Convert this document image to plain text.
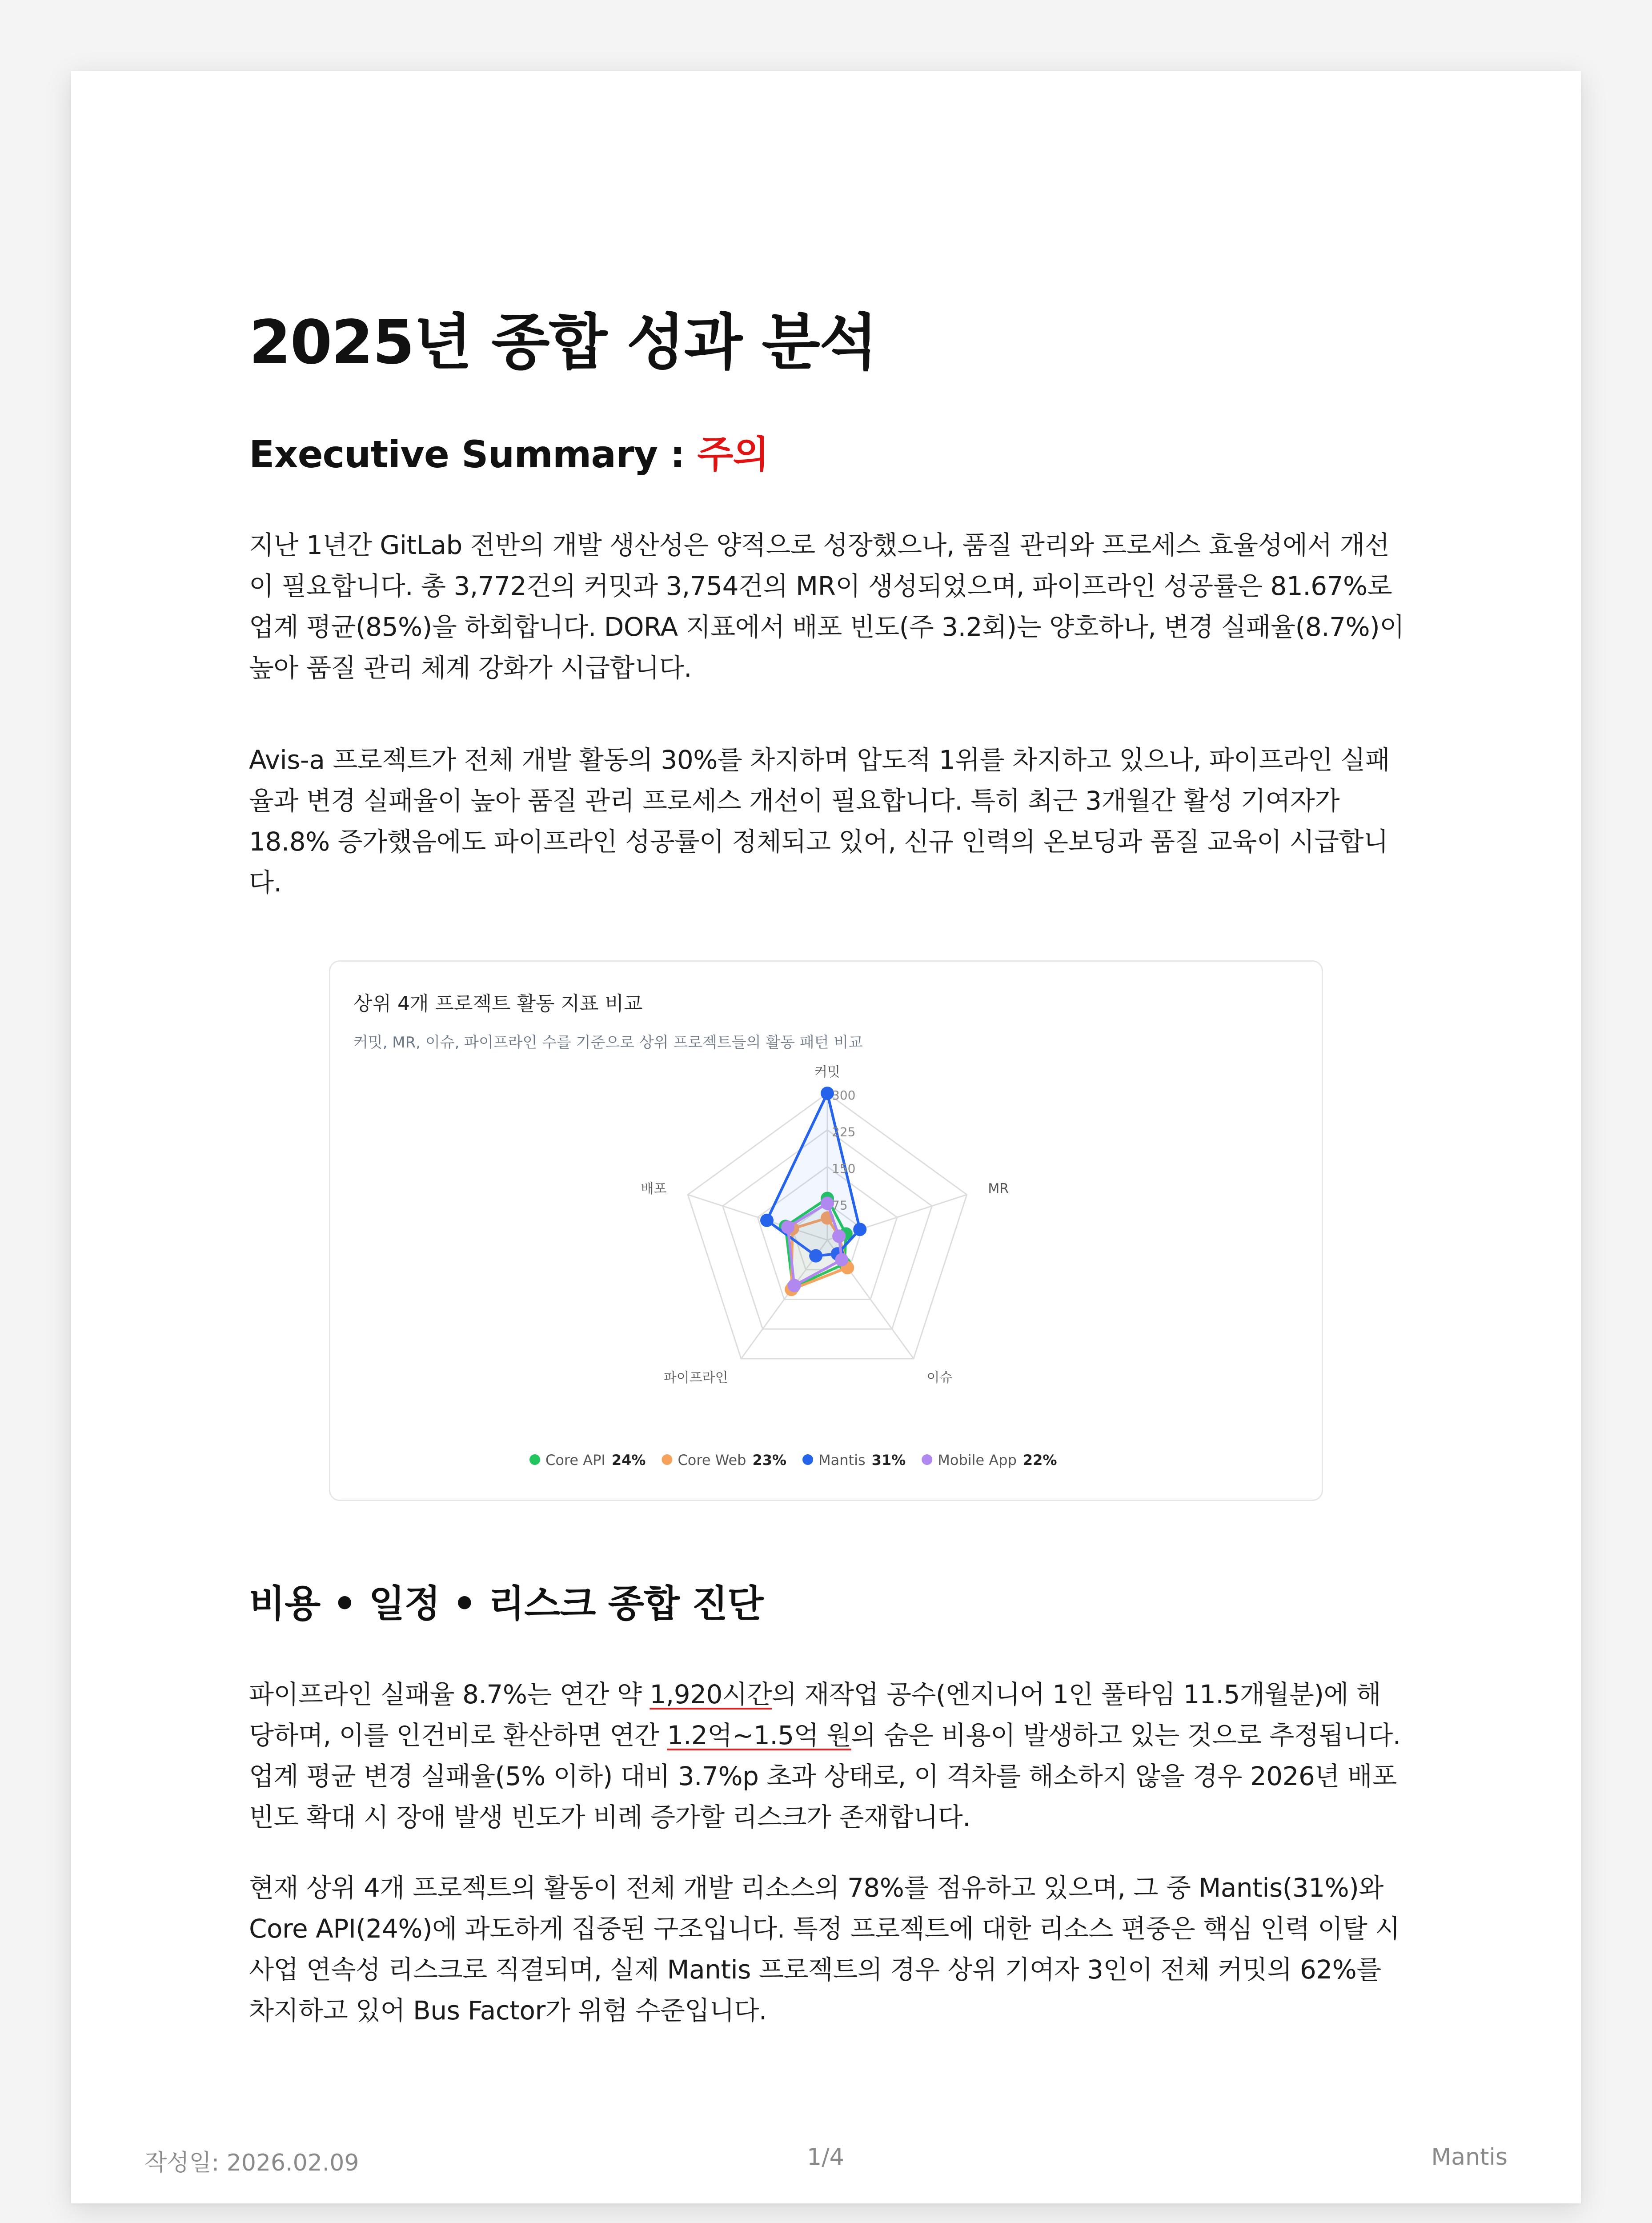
2025년 종합 성과 분석
Executive Summary : 주의

지난 1년간 GitLab 전반의 개발 생산성은 양적으로 성장했으나, 품질 관리와 프로세스 효율성에서 개선이 필요합니다. 총 3,772건의 커밋과 3,754건의 MR이 생성되었으며, 파이프라인 성공률은 81.67%로 업계 평균(85%)을 하회합니다. DORA 지표에서 배포 빈도(주 3.2회)는 양호하나, 변경 실패율(8.7%)이 높아 품질 관리 체계 강화가 시급합니다.

Avis-a 프로젝트가 전체 개발 활동의 30%를 차지하며 압도적 1위를 차지하고 있으나, 파이프라인 실패율과 변경 실패율이 높아 품질 관리 프로세스 개선이 필요합니다. 특히 최근 3개월간 활성 기여자가 18.8% 증가했음에도 파이프라인 성공률이 정체되고 있어, 신규 인력의 온보딩과 품질 교육이 시급합니다.

비용 • 일정 • 리스크 종합 진단

파이프라인 실패율 8.7%는 연간 약 1,920시간의 재작업 공수(엔지니어 1인 풀타임 11.5개월분)에 해당하며, 이를 인건비로 환산하면 연간 1.2억~1.5억 원의 숨은 비용이 발생하고 있는 것으로 추정됩니다. 업계 평균 변경 실패율(5% 이하) 대비 3.7%p 초과 상태로, 이 격차를 해소하지 않을 경우 2026년 배포 빈도 확대 시 장애 발생 빈도가 비례 증가할 리스크가 존재합니다.

현재 상위 4개 프로젝트의 활동이 전체 개발 리소스의 78%를 점유하고 있으며, 그 중 Mantis(31%)와 Core API(24%)에 과도하게 집중된 구조입니다. 특정 프로젝트에 대한 리소스 편중은 핵심 인력 이탈 시 사업 연속성 리스크로 직결되며, 실제 Mantis 프로젝트의 경우 상위 기여자 3인이 전체 커밋의 62%를 차지하고 있어 Bus Factor가 위험 수준입니다.

상위 4개 프로젝트 활동 지표 비교

커밋, MR, 이슈, 파이프라인 수를 기준으로 상위 프로젝트들의 활동 패턴 비교

커밋
MR
이슈
파이프라인
배포
75
150
225
300
Core API 24% Core Web 23% Mantis 31% Mobile App 22%
작성일: 2026.02.09	1/4	Mantis
